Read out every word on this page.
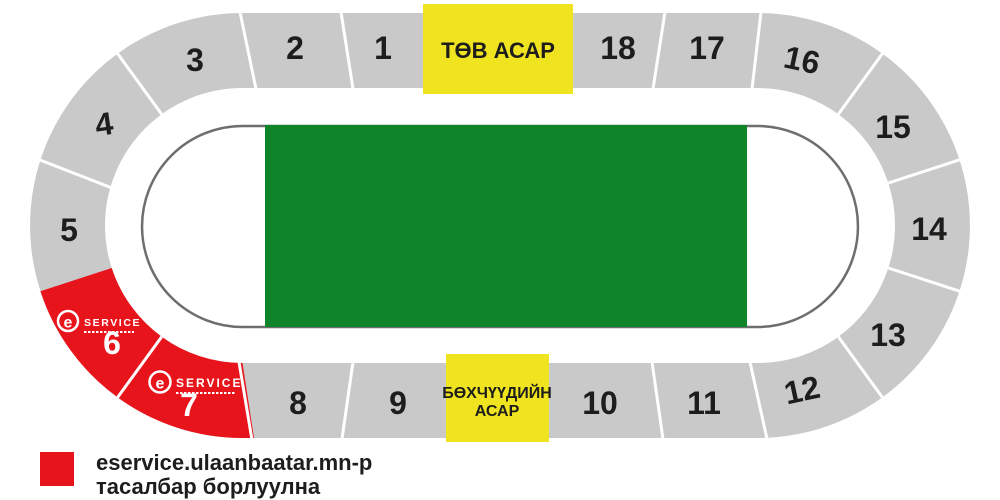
ТӨВ АСАР
БӨХЧҮҮДИЙН
АСАР
1
2
3
4
5
6
7	8	9	10 11 12
13
14
15
16
17
18
e SERVICE
e SERVICE
eservice.ulaanbaatar.mn-р
тасалбар борлуулна
